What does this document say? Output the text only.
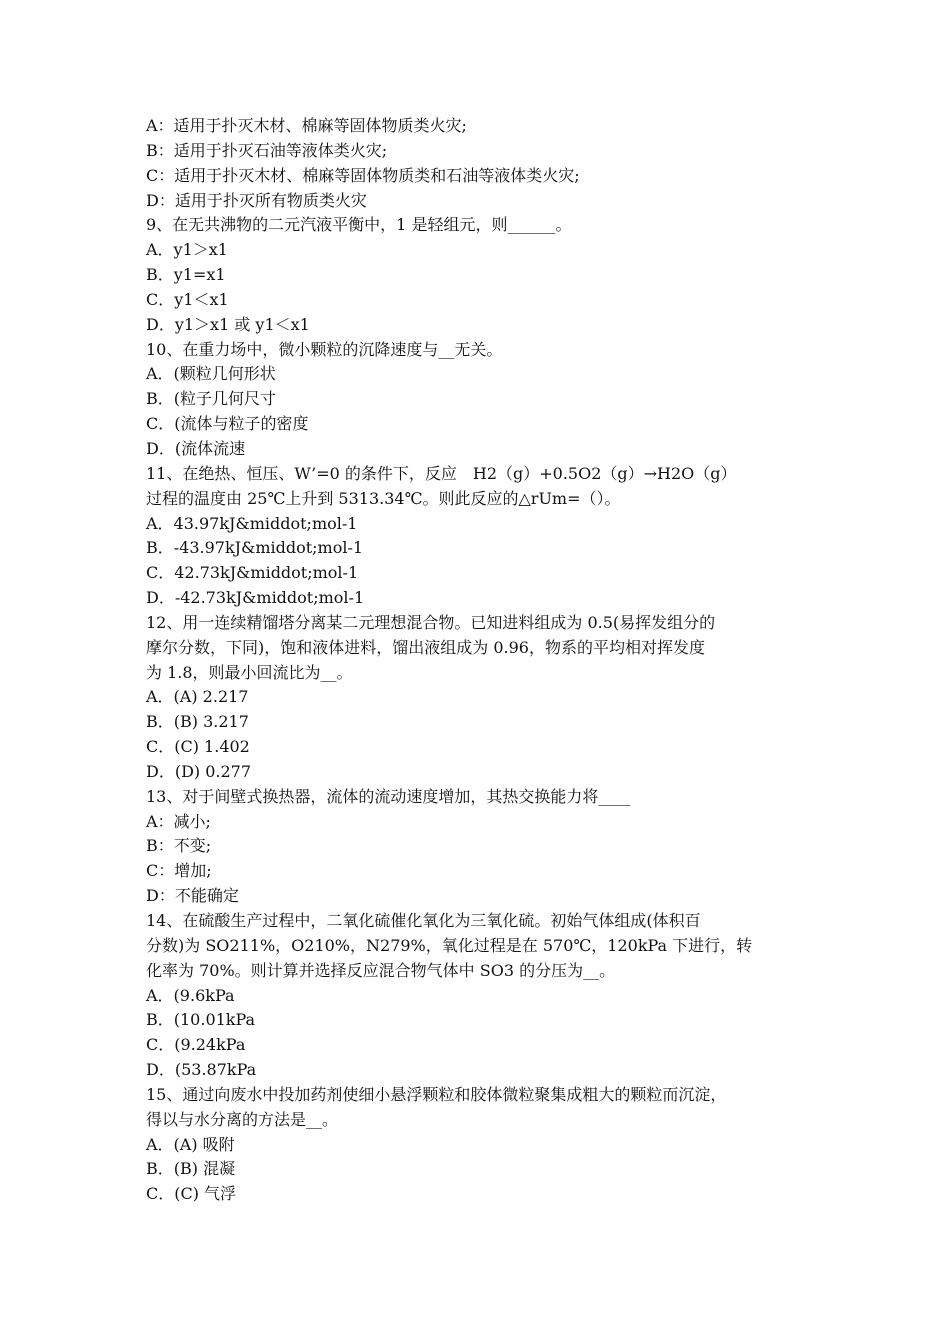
A：适用于扑灭木材、棉麻等固体物质类火灾;
B：适用于扑灭石油等液体类火灾;
C：适用于扑灭木材、棉麻等固体物质类和石油等液体类火灾;
D：适用于扑灭所有物质类火灾
9、在无共沸物的二元汽液平衡中，1 是轻组元，则______。
A．y1＞x1
B．y1=x1
C．y1＜x1
D．y1＞x1 或 y1＜x1
10、在重力场中，微小颗粒的沉降速度与__无关。
A．(颗粒几何形状
B．(粒子几何尺寸
C．(流体与粒子的密度
D．(流体流速
11、在绝热、恒压、W’=0 的条件下，反应　H2（g）+0.5O2（g）→H2O（g）
过程的温度由 25℃上升到 5313.34℃。则此反应的△rUm=（）。
A．43.97kJ&middot;mol-1
B．-43.97kJ&middot;mol-1
C．42.73kJ&middot;mol-1
D．-42.73kJ&middot;mol-1
12、用一连续精馏塔分离某二元理想混合物。已知进料组成为 0.5(易挥发组分的
摩尔分数，下同)，饱和液体进料，馏出液组成为 0.96，物系的平均相对挥发度
为 1.8，则最小回流比为__。
A．(A) 2.217
B．(B) 3.217
C．(C) 1.402
D．(D) 0.277
13、对于间壁式换热器，流体的流动速度增加，其热交换能力将____
A：减小;
B：不变;
C：增加;
D：不能确定
14、在硫酸生产过程中，二氧化硫催化氧化为三氧化硫。初始气体组成(体积百
分数)为 SO211%，O210%，N279%，氧化过程是在 570℃，120kPa 下进行，转
化率为 70%。则计算并选择反应混合物气体中 SO3 的分压为__。
A．(9.6kPa
B．(10.01kPa
C．(9.24kPa
D．(53.87kPa
15、通过向废水中投加药剂使细小悬浮颗粒和胶体微粒聚集成粗大的颗粒而沉淀，
得以与水分离的方法是__。
A．(A) 吸附
B．(B) 混凝
C．(C) 气浮
